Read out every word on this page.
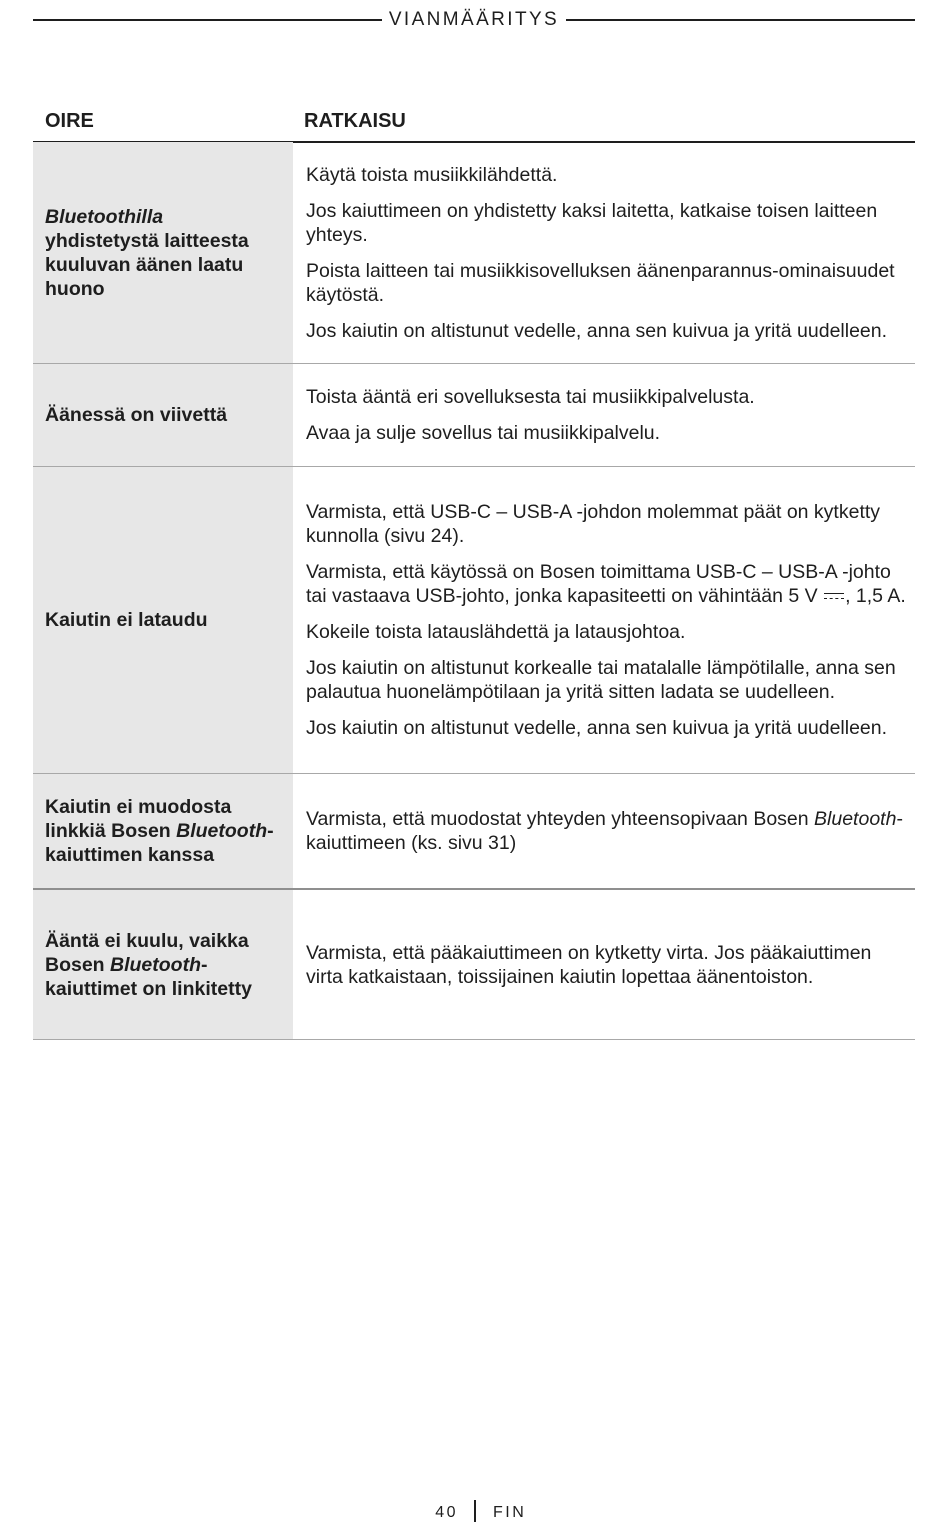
VIANMÄÄRITYS
OIRE	RATKAISU
Bluetoothilla yhdistetystä laitteesta kuuluvan äänen laatu huono

Käytä toista musiikkilähdettä.

Jos kaiuttimeen on yhdistetty kaksi laitetta, katkaise toisen laitteen yhteys.

Poista laitteen tai musiikkisovelluksen äänenparannus-ominaisuudet käytöstä.

Jos kaiutin on altistunut vedelle, anna sen kuivua ja yritä uudelleen.

Äänessä on viivettä

Toista ääntä eri sovelluksesta tai musiikkipalvelusta.

Avaa ja sulje sovellus tai musiikkipalvelu.

Kaiutin ei lataudu

Varmista, että USB-C – USB-A -johdon molemmat päät on kytketty kunnolla (sivu 24).

Varmista, että käytössä on Bosen toimittama USB-C – USB-A -johto tai vastaava USB-johto, jonka kapasiteetti on vähintään 5 V , 1,5 A.

Kokeile toista latauslähdettä ja latausjohtoa.

Jos kaiutin on altistunut korkealle tai matalalle lämpötilalle, anna sen palautua huonelämpötilaan ja yritä sitten ladata se uudelleen.

Jos kaiutin on altistunut vedelle, anna sen kuivua ja yritä uudelleen.

Kaiutin ei muodosta linkkiä Bosen Bluetooth-kaiuttimen kanssa

Varmista, että muodostat yhteyden yhteensopivaan Bosen Bluetooth-kaiuttimeen (ks. sivu 31)

Ääntä ei kuulu, vaikka Bosen Bluetooth-kaiuttimet on linkitetty

Varmista, että pääkaiuttimeen on kytketty virta. Jos pääkaiuttimen virta katkaistaan, toissijainen kaiutin lopettaa äänentoiston.

40 FIN
